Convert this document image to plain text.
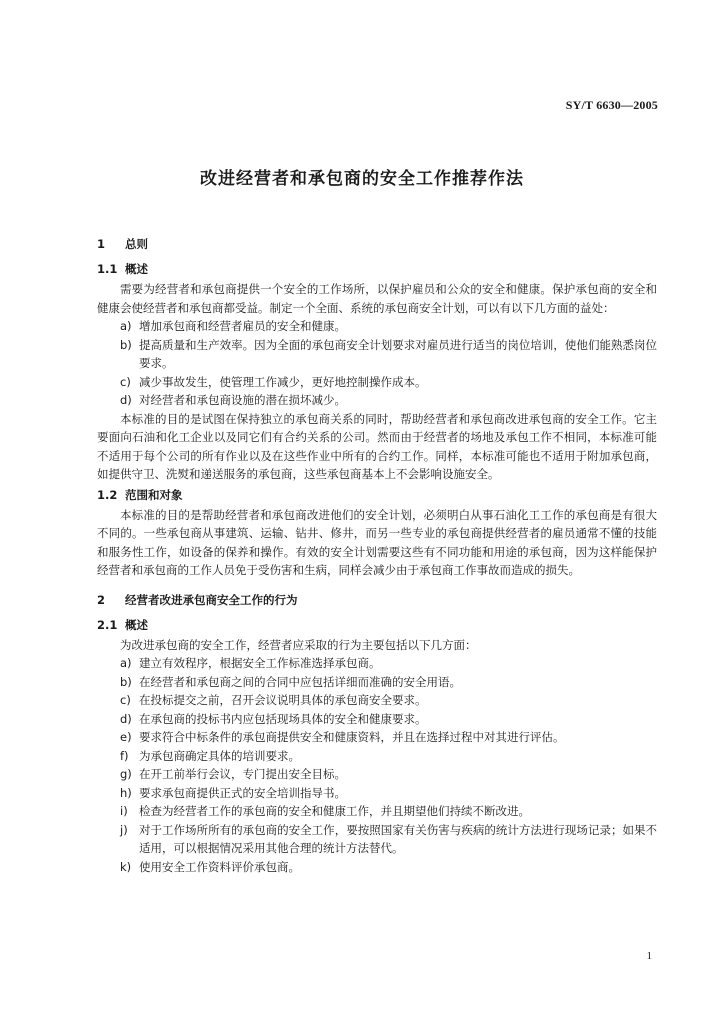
SY/T 6630—2005
改进经营者和承包商的安全工作推荐作法
1 总则
1.1 概述

需要为经营者和承包商提供一个安全的工作场所，以保护雇员和公众的安全和健康。保护承包商的安全和健康会使经营者和承包商都受益。制定一个全面、系统的承包商安全计划，可以有以下几方面的益处：

a) 增加承包商和经营者雇员的安全和健康。
b) 提高质量和生产效率。因为全面的承包商安全计划要求对雇员进行适当的岗位培训，使他们能熟悉岗位要求。
c) 减少事故发生，使管理工作减少，更好地控制操作成本。
d) 对经营者和承包商设施的潜在损坏减少。

本标准的目的是试图在保持独立的承包商关系的同时，帮助经营者和承包商改进承包商的安全工作。它主要面向石油和化工企业以及同它们有合约关系的公司。然而由于经营者的场地及承包工作不相同，本标准可能不适用于每个公司的所有作业以及在这些作业中所有的合约工作。同样，本标准可能也不适用于附加承包商，如提供守卫、洗熨和递送服务的承包商，这些承包商基本上不会影响设施安全。

1.2 范围和对象

本标准的目的是帮助经营者和承包商改进他们的安全计划，必须明白从事石油化工工作的承包商是有很大不同的。一些承包商从事建筑、运输、钻井、修井，而另一些专业的承包商提供经营者的雇员通常不懂的技能和服务性工作，如设备的保养和操作。有效的安全计划需要这些有不同功能和用途的承包商，因为这样能保护经营者和承包商的工作人员免于受伤害和生病，同样会减少由于承包商工作事故而造成的损失。

2 经营者改进承包商安全工作的行为
2.1 概述

为改进承包商的安全工作，经营者应采取的行为主要包括以下几方面：

a) 建立有效程序，根据安全工作标准选择承包商。
b) 在经营者和承包商之间的合同中应包括详细而准确的安全用语。
c) 在投标提交之前，召开会议说明具体的承包商安全要求。
d) 在承包商的投标书内应包括现场具体的安全和健康要求。
e) 要求符合中标条件的承包商提供安全和健康资料，并且在选择过程中对其进行评估。
f) 为承包商确定具体的培训要求。
g) 在开工前举行会议，专门提出安全目标。
h) 要求承包商提供正式的安全培训指导书。
i) 检查为经营者工作的承包商的安全和健康工作，并且期望他们持续不断改进。
j) 对于工作场所所有的承包商的安全工作，要按照国家有关伤害与疾病的统计方法进行现场记录；如果不适用，可以根据情况采用其他合理的统计方法替代。
k) 使用安全工作资料评价承包商。
1
